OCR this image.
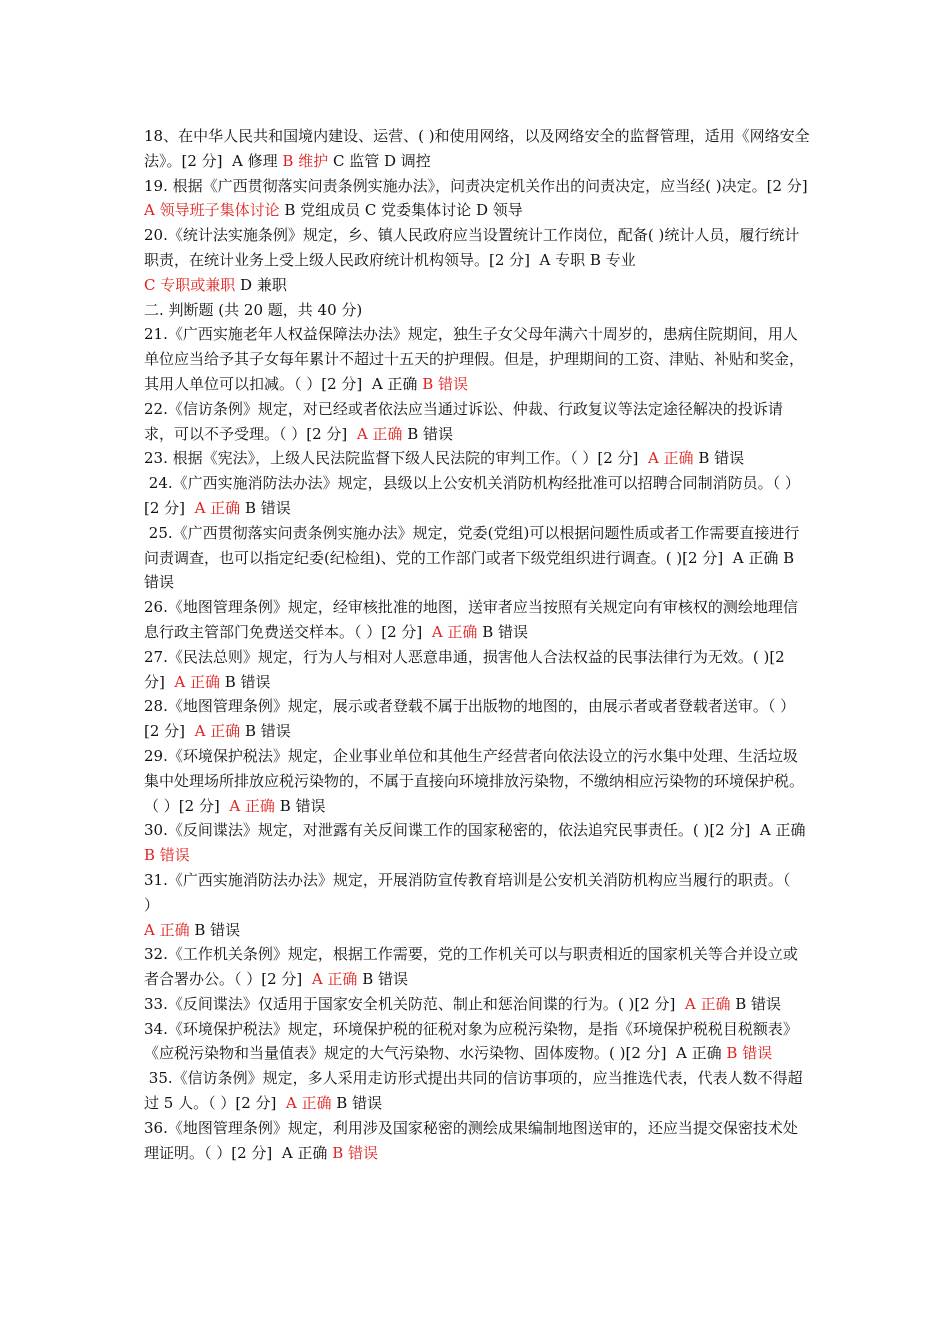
18、在中华人民共和国境内建设、运营、( )和使用网络，以及网络安全的监督管理，适用《网络安全法》。[2 分]  A 修理 B 维护 C 监管 D 调控

19. 根据《广西贯彻落实问责条例实施办法》，问责决定机关作出的问责决定，应当经( )决定。[2 分]  A 领导班子集体讨论 B 党组成员 C 党委集体讨论 D 领导

20.《统计法实施条例》规定，乡、镇人民政府应当设置统计工作岗位，配备( )统计人员，履行统计职责，在统计业务上受上级人民政府统计机构领导。[2 分]  A 专职 B 专业
C 专职或兼职 D 兼职

二. 判断题 (共 20 题，共 40 分)

21.《广西实施老年人权益保障法办法》规定，独生子女父母年满六十周岁的，患病住院期间，用人单位应当给予其子女每年累计不超过十五天的护理假。但是，护理期间的工资、津贴、补贴和奖金，其用人单位可以扣减。（ ）[2 分]  A 正确 B 错误

22.《信访条例》规定，对已经或者依法应当通过诉讼、仲裁、行政复议等法定途径解决的投诉请求，可以不予受理。（ ）[2 分]  A 正确 B 错误

23. 根据《宪法》，上级人民法院监督下级人民法院的审判工作。（ ）[2 分]  A 正确 B 错误

24.《广西实施消防法办法》规定，县级以上公安机关消防机构经批准可以招聘合同制消防员。（ ）  [2 分]  A 正确 B 错误

25.《广西贯彻落实问责条例实施办法》规定，党委(党组)可以根据问题性质或者工作需要直接进行问责调查，也可以指定纪委(纪检组)、党的工作部门或者下级党组织进行调查。( )[2 分]  A 正确 B 错误

26.《地图管理条例》规定，经审核批准的地图，送审者应当按照有关规定向有审核权的测绘地理信息行政主管部门免费送交样本。（ ）[2 分]  A 正确 B 错误

27.《民法总则》规定，行为人与相对人恶意串通，损害他人合法权益的民事法律行为无效。( )[2 分]  A 正确 B 错误

28.《地图管理条例》规定，展示或者登载不属于出版物的地图的，由展示者或者登载者送审。（ ）  [2 分]  A 正确 B 错误

29.《环境保护税法》规定，企业事业单位和其他生产经营者向依法设立的污水集中处理、生活垃圾集中处理场所排放应税污染物的，不属于直接向环境排放污染物，不缴纳相应污染物的环境保护税。（ ）[2 分]  A 正确 B 错误

30.《反间谍法》规定，对泄露有关反间谍工作的国家秘密的，依法追究民事责任。( )[2 分]  A 正确 B 错误

31.《广西实施消防法办法》规定，开展消防宣传教育培训是公安机关消防机构应当履行的职责。（ ）
A 正确 B 错误

32.《工作机关条例》规定，根据工作需要，党的工作机关可以与职责相近的国家机关等合并设立或者合署办公。（ ）[2 分]  A 正确 B 错误

33.《反间谍法》仅适用于国家安全机关防范、制止和惩治间谍的行为。( )[2 分]  A 正确 B 错误

34.《环境保护税法》规定，环境保护税的征税对象为应税污染物，是指《环境保护税税目税额表》《应税污染物和当量值表》规定的大气污染物、水污染物、固体废物。( )[2 分]  A 正确 B 错误

35.《信访条例》规定，多人采用走访形式提出共同的信访事项的，应当推选代表，代表人数不得超过 5 人。（ ）[2 分]  A 正确 B 错误

36.《地图管理条例》规定，利用涉及国家秘密的测绘成果编制地图送审的，还应当提交保密技术处理证明。（ ）[2 分]  A 正确 B 错误
